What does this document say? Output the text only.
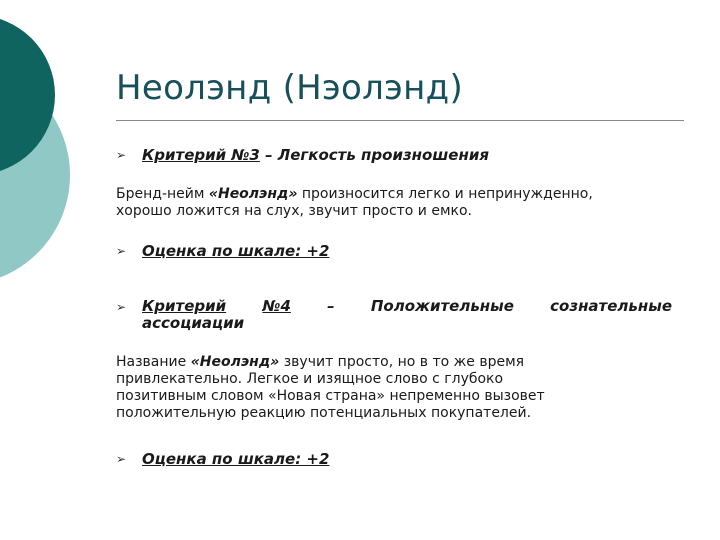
Неолэнд (Нэолэнд)
➢	Критерий №3 – Легкость произношения
Бренд-нейм «Неолэнд» произносится легко и непринужденно,
хорошо ложится на слух, звучит просто и емко.
➢	Оценка по шкале: +2
➢	Критерий №4 – Положительные сознательные
ассоциации
Название «Неолэнд» звучит просто, но в то же время
привлекательно. Легкое и изящное слово с глубоко
позитивным словом «Новая страна» непременно вызовет
положительную реакцию потенциальных покупателей.
➢	Оценка по шкале: +2
